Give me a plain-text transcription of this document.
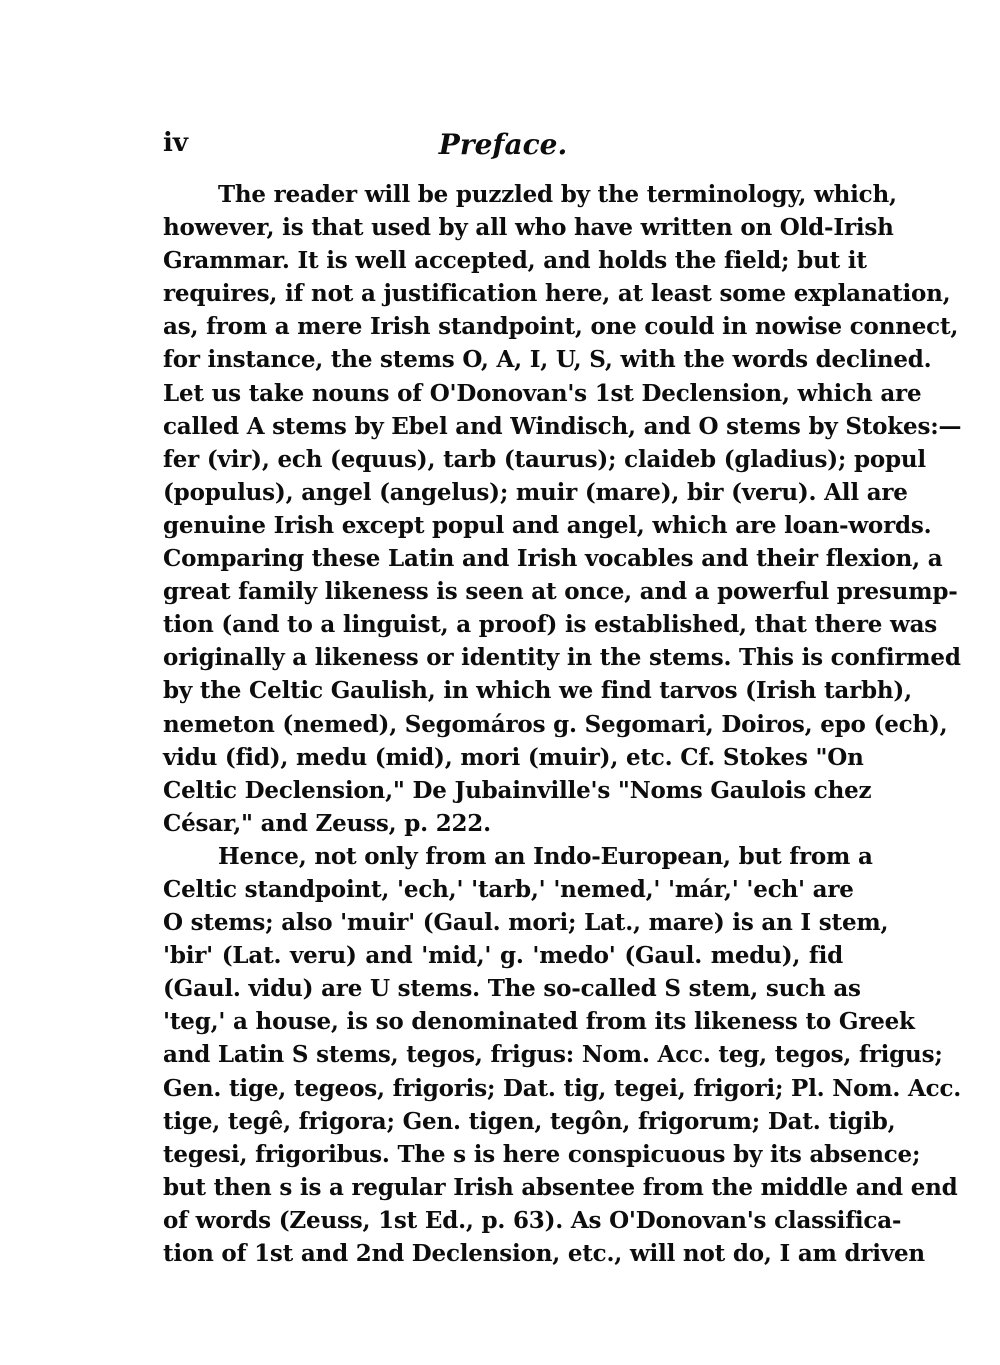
iv	Preface.
The reader will be puzzled by the terminology, which,
however, is that used by all who have written on Old-Irish
Grammar. It is well accepted, and holds the field; but it
requires, if not a justification here, at least some explanation,
as, from a mere Irish standpoint, one could in nowise connect,
for instance, the stems O, A, I, U, S, with the words declined.
Let us take nouns of O'Donovan's 1st Declension, which are
called A stems by Ebel and Windisch, and O stems by Stokes:—
fer (vir), ech (equus), tarb (taurus); claideb (gladius); popul
(populus), angel (angelus); muir (mare), bir (veru). All are
genuine Irish except popul and angel, which are loan-words.
Comparing these Latin and Irish vocables and their flexion, a
great family likeness is seen at once, and a powerful presump-
tion (and to a linguist, a proof) is established, that there was
originally a likeness or identity in the stems. This is confirmed
by the Celtic Gaulish, in which we find tarvos (Irish tarbh),
nemeton (nemed), Segomáros g. Segomari, Doiros, epo (ech),
vidu (fid), medu (mid), mori (muir), etc. Cf. Stokes "On
Celtic Declension," De Jubainville's "Noms Gaulois chez
César," and Zeuss, p. 222.
Hence, not only from an Indo-European, but from a
Celtic standpoint, 'ech,' 'tarb,' 'nemed,' 'már,' 'ech' are
O stems; also 'muir' (Gaul. mori; Lat., mare) is an I stem,
'bir' (Lat. veru) and 'mid,' g. 'medo' (Gaul. medu), fid
(Gaul. vidu) are U stems. The so-called S stem, such as
'teg,' a house, is so denominated from its likeness to Greek
and Latin S stems, tegos, frigus: Nom. Acc. teg, tegos, frigus;
Gen. tige, tegeos, frigoris; Dat. tig, tegei, frigori; Pl. Nom. Acc.
tige, tegê, frigora; Gen. tigen, tegôn, frigorum; Dat. tigib,
tegesi, frigoribus. The s is here conspicuous by its absence;
but then s is a regular Irish absentee from the middle and end
of words (Zeuss, 1st Ed., p. 63). As O'Donovan's classifica-
tion of 1st and 2nd Declension, etc., will not do, I am driven
